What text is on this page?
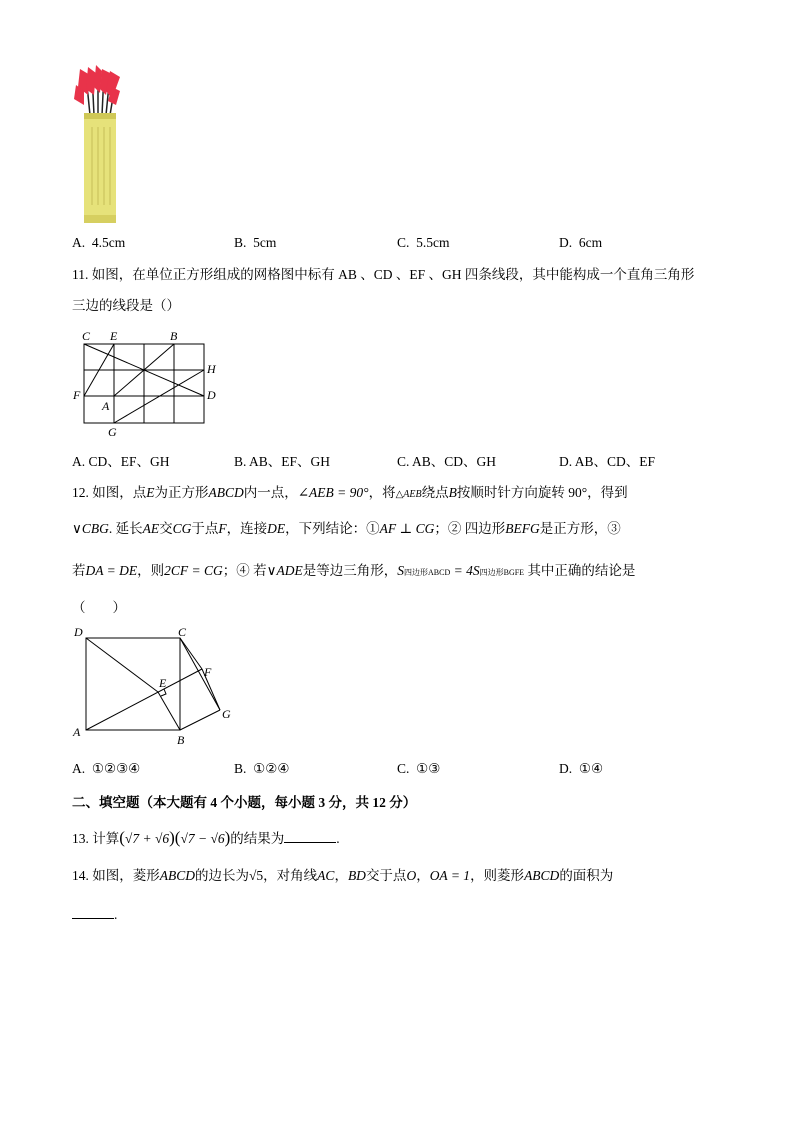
A. 4.5cm	B. 5cm	C. 5.5cm	D. 6cm
11. 如图，在单位正方形组成的网格图中标有 AB 、CD 、EF 、GH 四条线段，其中能构成一个直角三角形
三边的线段是（）
C E	B
H
F	D
A
G
A. CD、EF、GH	B. AB、EF、GH	C. AB、CD、GH	D. AB、CD、EF
12. 如图，点E为正方形ABCD内一点，∠AEB = 90°，将△AEB绕点B按顺时针方向旋转 90°，得到
∨CBG. 延长AE交CG于点F，连接DE，下列结论：①AF ⊥ CG；② 四边形BEFG是正方形，③
若DA = DE，则2CF = CG；④ 若∨ADE是等边三角形，S四边形ABCD = 4S四边形BGFE 其中正确的结论是
（　　）
D	C
F
E
G
A
B
A. ①②③④	B. ①②④	C. ①③	D. ①④
二、填空题（本大题有 4 个小题，每小题 3 分，共 12 分）
13. 计算(√7 + √6)(√7 − √6)的结果为	.
14. 如图，菱形ABCD的边长为√5，对角线AC，BD交于点O，OA = 1，则菱形ABCD的面积为
.
